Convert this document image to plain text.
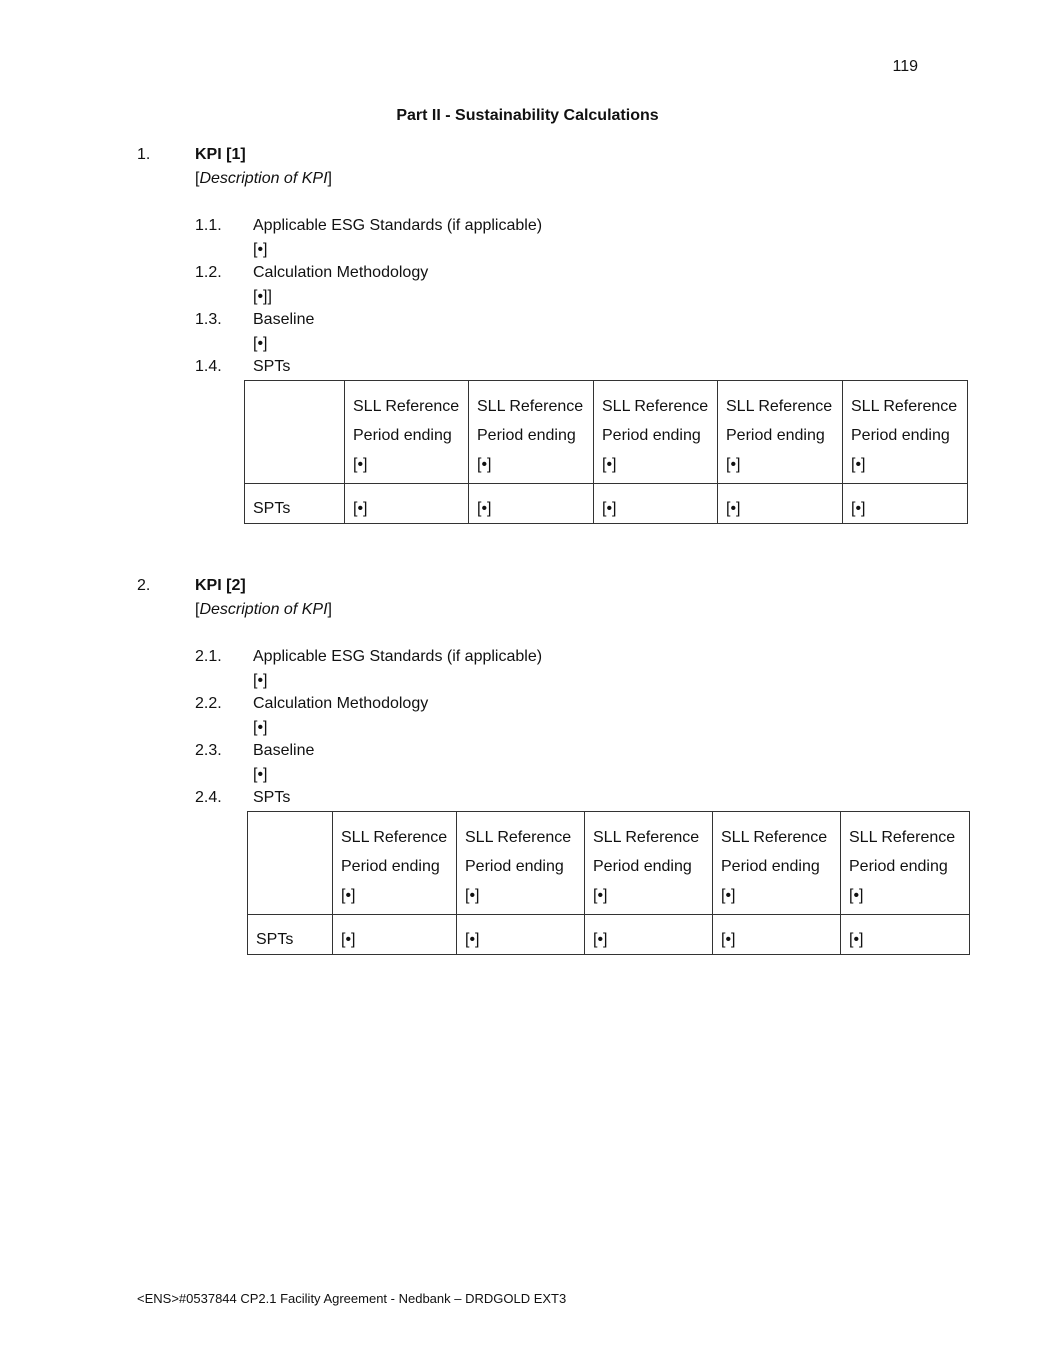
119
Part II - Sustainability Calculations
1.	KPI [1]
[Description of KPI]
1.1. Applicable ESG Standards (if applicable)
[•]
1.2. Calculation Methodology
[•]]
1.3. Baseline
[•]
1.4. SPTs
	SLL Reference Period ending [•]	SLL Reference Period ending [•]	SLL Reference Period ending [•]	SLL Reference Period ending [•]	SLL Reference Period ending [•]
SPTs	[•]	[•]	[•]	[•]	[•]
2.	KPI [2]
[Description of KPI]
2.1. Applicable ESG Standards (if applicable)
[•]
2.2. Calculation Methodology
[•]
2.3. Baseline
[•]
2.4. SPTs
	SLL Reference Period ending [•]	SLL Reference Period ending [•]	SLL Reference Period ending [•]	SLL Reference Period ending [•]	SLL Reference Period ending [•]
SPTs	[•]	[•]	[•]	[•]	[•]
<ENS>#0537844 CP2.1 Facility Agreement - Nedbank – DRDGOLD EXT3
